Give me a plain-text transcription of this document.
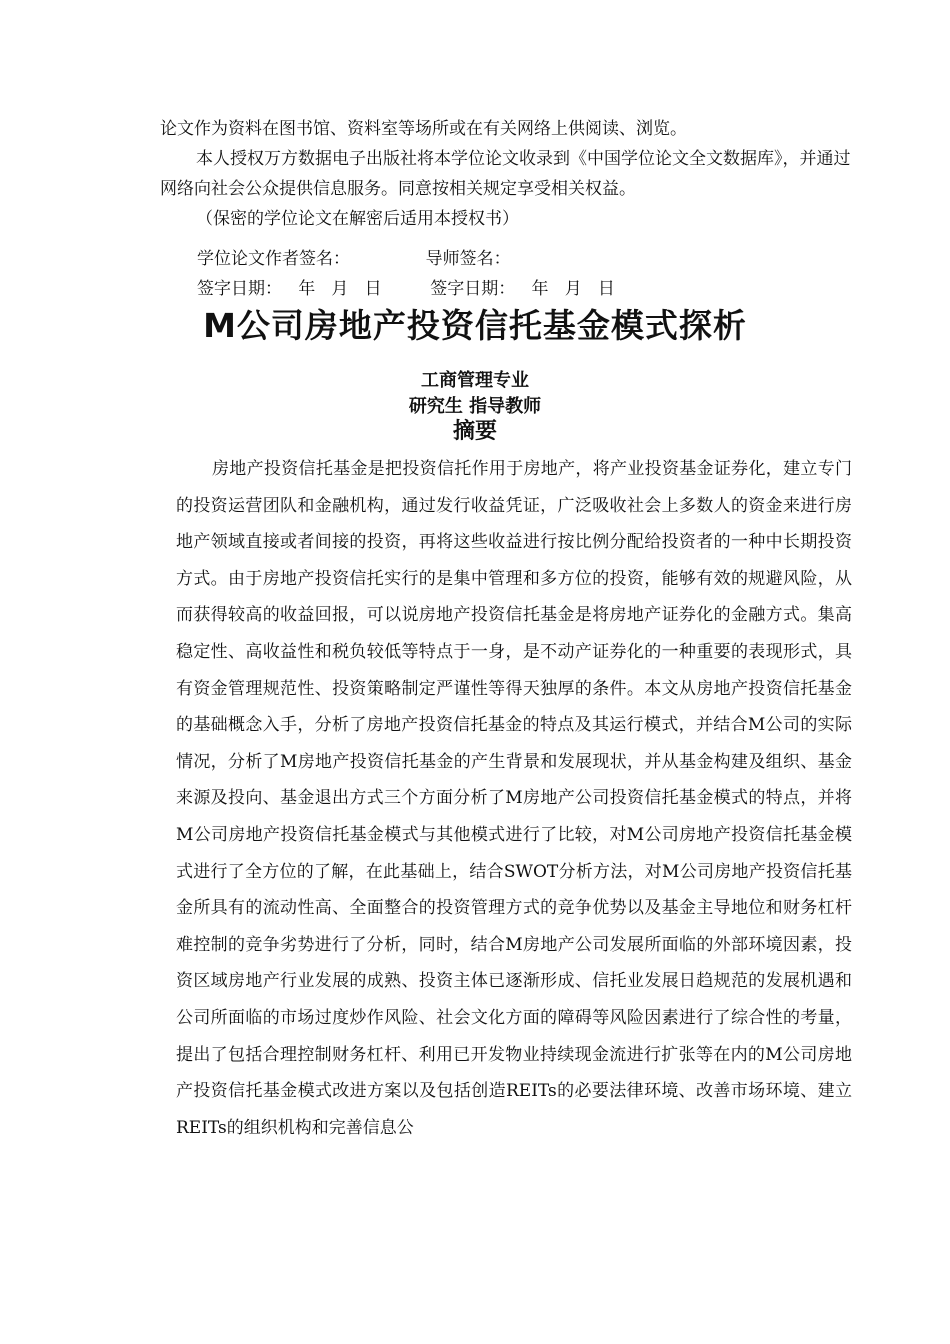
论文作为资料在图书馆、资料室等场所或在有关网络上供阅读、浏览。

本人授权万方数据电子出版社将本学位论文收录到《中国学位论文全文数据库》，并通过网络向社会公众提供信息服务。同意按相关规定享受相关权益。

（保密的学位论文在解密后适用本授权书）

学位论文作者签名：              导师签名：
签字日期：   年   月   日         签字日期：   年   月   日
M公司房地产投资信托基金模式探析
工商管理专业
研究生 指导教师
摘要

房地产投资信托基金是把投资信托作用于房地产，将产业投资基金证券化，建立专门的投资运营团队和金融机构，通过发行收益凭证，广泛吸收社会上多数人的资金来进行房地产领域直接或者间接的投资，再将这些收益进行按比例分配给投资者的一种中长期投资方式。由于房地产投资信托实行的是集中管理和多方位的投资，能够有效的规避风险，从而获得较高的收益回报，可以说房地产投资信托基金是将房地产证券化的金融方式。集高稳定性、高收益性和税负较低等特点于一身，是不动产证券化的一种重要的表现形式，具有资金管理规范性、投资策略制定严谨性等得天独厚的条件。本文从房地产投资信托基金的基础概念入手，分析了房地产投资信托基金的特点及其运行模式，并结合M公司的实际情况，分析了M房地产投资信托基金的产生背景和发展现状，并从基金构建及组织、基金来源及投向、基金退出方式三个方面分析了M房地产公司投资信托基金模式的特点，并将M公司房地产投资信托基金模式与其他模式进行了比较，对M公司房地产投资信托基金模式进行了全方位的了解，在此基础上，结合SWOT分析方法，对M公司房地产投资信托基金所具有的流动性高、全面整合的投资管理方式的竞争优势以及基金主导地位和财务杠杆难控制的竞争劣势进行了分析，同时，结合M房地产公司发展所面临的外部环境因素，投资区域房地产行业发展的成熟、投资主体已逐渐形成、信托业发展日趋规范的发展机遇和公司所面临的市场过度炒作风险、社会文化方面的障碍等风险因素进行了综合性的考量，提出了包括合理控制财务杠杆、利用已开发物业持续现金流进行扩张等在内的M公司房地产投资信托基金模式改进方案以及包括创造REITs的必要法律环境、改善市场环境、建立REITs的组织机构和完善信息公
